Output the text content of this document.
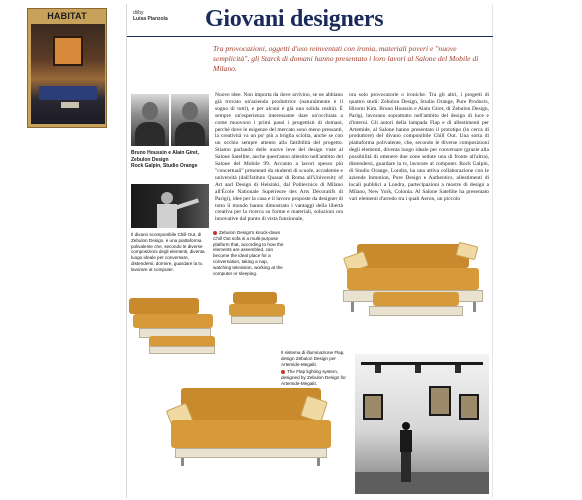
HABITAT	di/by
Luisa Pianzola Giovani designers

Tra provocazioni, oggetti d'uso reinventati con ironia, materiali poveri e "nuove semplicità", gli Starck di domani hanno presentato i loro lavori al Salone del Mobile di Milano.

Bruno Houssin e Alain Giret, Zebulon Design
Rock Galpin, Studio Orange
Nuove idee. Non importa da dove arrivino, se ne abbiano già trovato un'azienda produttrice (naturalmente è il sogno di tutti), e per alcuni è già una solida realtà). È sempre un'esperienza interessante dare un'occhiata a come muovono i primi passi i progettisti di domani, perché dove le esigenze del mercato sono meno pressanti, la creatività va un po' più a briglia sciolta, anche se con un occhio sempre attento alla fattibilità del progetto. Stiamo parlando delle nuove leve del design viste al Salone Satellite, anche quest'anno allestito nell'ambito del Salone del Mobile 99. Accanto a lavori spesso più "concettuali" presentati da studenti di scuole, accademie e università (dall'Istituto Quasar di Roma all'University of Art and Design di Helsinki, dal Politecnico di Milano all'École Nationale Supérieure des Arts Décoratifs di Parigi), idee per la casa e il lavoro proposte da designer di tutto il mondo hanno dimostrato i vantaggi della libertà creativa per la ricerca su forme e materiali, soluzioni ora innovative dal punto di vista funzionale,
ora solo provocatorie o ironiche. Tra gli altri, i progetti di quattro studi: Zebulon Design, Studio Orange, Pure Products, Hiromi Kim. Bruno Houssin e Alain Giret, di Zebulon Design, Parigi, lavorano soprattutto nell'ambito del design di luce e d'interni. Gli autori della lampada Flap e di allestimenti per Artemide, al Salone hanno presentato il prototipo (in cerca di produttore) del divano componibile Chill Out. Una sorta di piattaforma polivalente, che, secondo le diverse composizioni degli elementi, diventa luogo ideale per conversare (grazie alla possibilità di ottenere due zone sedute una di fronte all'altra), distendersi, guardare la tv, lavorare al computer. Rock Galpin, di Studio Orange, Londra, ha una attiva collaborazione con le aziende Inmotion, Pure Design e Authentics, allestimenti di locali pubblici a Londra, partecipazioni a mostre di design a Milano, New York, Colonia. Al Salone Satellite ha presentato vari elementi d'arredo tra i quali Aeron, un piccolo
Il divano scomponibile Chill Out, di Zebulon Design, è una piattaforma polivalente che, secondo le diverse composizioni degli elementi, diventa luogo ideale per conversare, distendersi, dormire, guardare la tv, lavorare al computer.
Zebulon Design's knock-down Chill Out sofa is a multi-purpose platform that, according to how the elements are assembled, can become the ideal place for a conversation, taking a nap, watching television, working at the computer or sleeping.
Il sistema di illuminazione Flap, design Zebulon Design per Artemide-Megalit.
The Flap lighting system, designed by Zebulon Design for Artemide-Megalit.
